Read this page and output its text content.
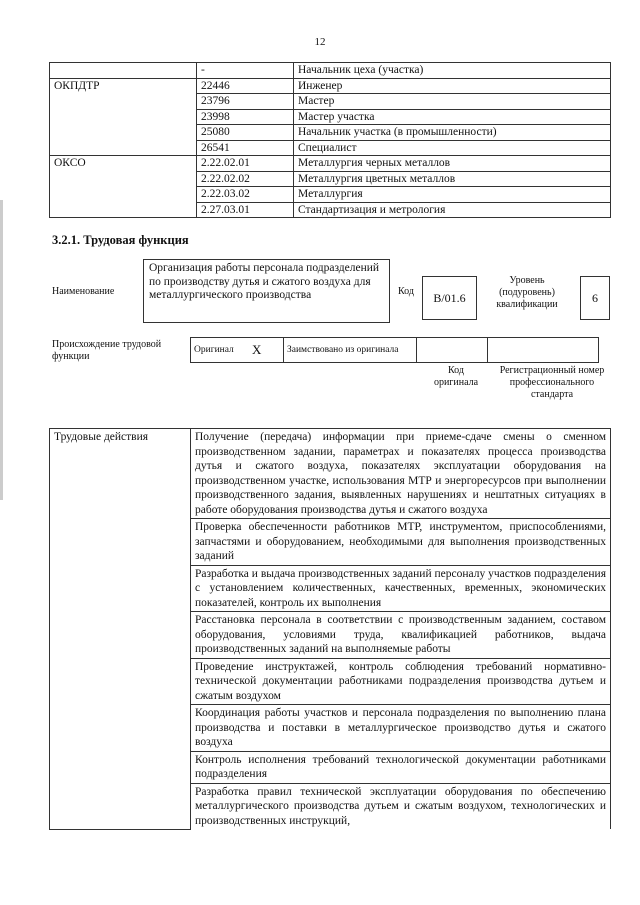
12
	-	Начальник цеха (участка)
ОКПДТР	22446	Инженер
	23796	Мастер
	23998	Мастер участка
	25080	Начальник участка (в промышленности)
	26541	Специалист
ОКСО	2.22.02.01	Металлургия черных металлов
	2.22.02.02	Металлургия цветных металлов
	2.22.03.02	Металлургия
	2.27.03.01	Стандартизация и метрология
3.2.1. Трудовая функция
Наименование
Организация работы персонала подразделений по производству дутья и сжатого воздуха для металлургического производства	Код	B/01.6
Уровень (подуровень) квалификации	6
Происхождение трудовой функции
Оригинал	X	Заимствовано из оригинала		
Код оригинала
Регистрационный номер профессионального стандарта
Трудовые действия	Получение (передача) информации при приеме-сдаче смены о сменном производственном задании, параметрах и показателях процесса производства дутья и сжатого воздуха, показателях эксплуатации оборудования на производственном участке, использования МТР и энергоресурсов при выполнении производственного задания, выявленных нарушениях и нештатных ситуациях в работе оборудования производства дутья и сжатого воздуха
Проверка обеспеченности работников МТР, инструментом, приспособлениями, запчастями и оборудованием, необходимыми для выполнения производственных заданий
Разработка и выдача производственных заданий персоналу участков подразделения с установлением количественных, качественных, временных, экономических показателей, контроль их выполнения
Расстановка персонала в соответствии с производственным заданием, составом оборудования, условиями труда, квалификацией работников, выдача производственных заданий на выполняемые работы
Проведение инструктажей, контроль соблюдения требований нормативно-технической документации работниками подразделения производства дутьем и сжатым воздухом
Координация работы участков и персонала подразделения по выполнению плана производства и поставки в металлургическое производство дутья и сжатого воздуха
Контроль исполнения требований технологической документации работниками подразделения
Разработка правил технической эксплуатации оборудования по обеспечению металлургического производства дутьем и сжатым воздухом, технологических и производственных инструкций,
